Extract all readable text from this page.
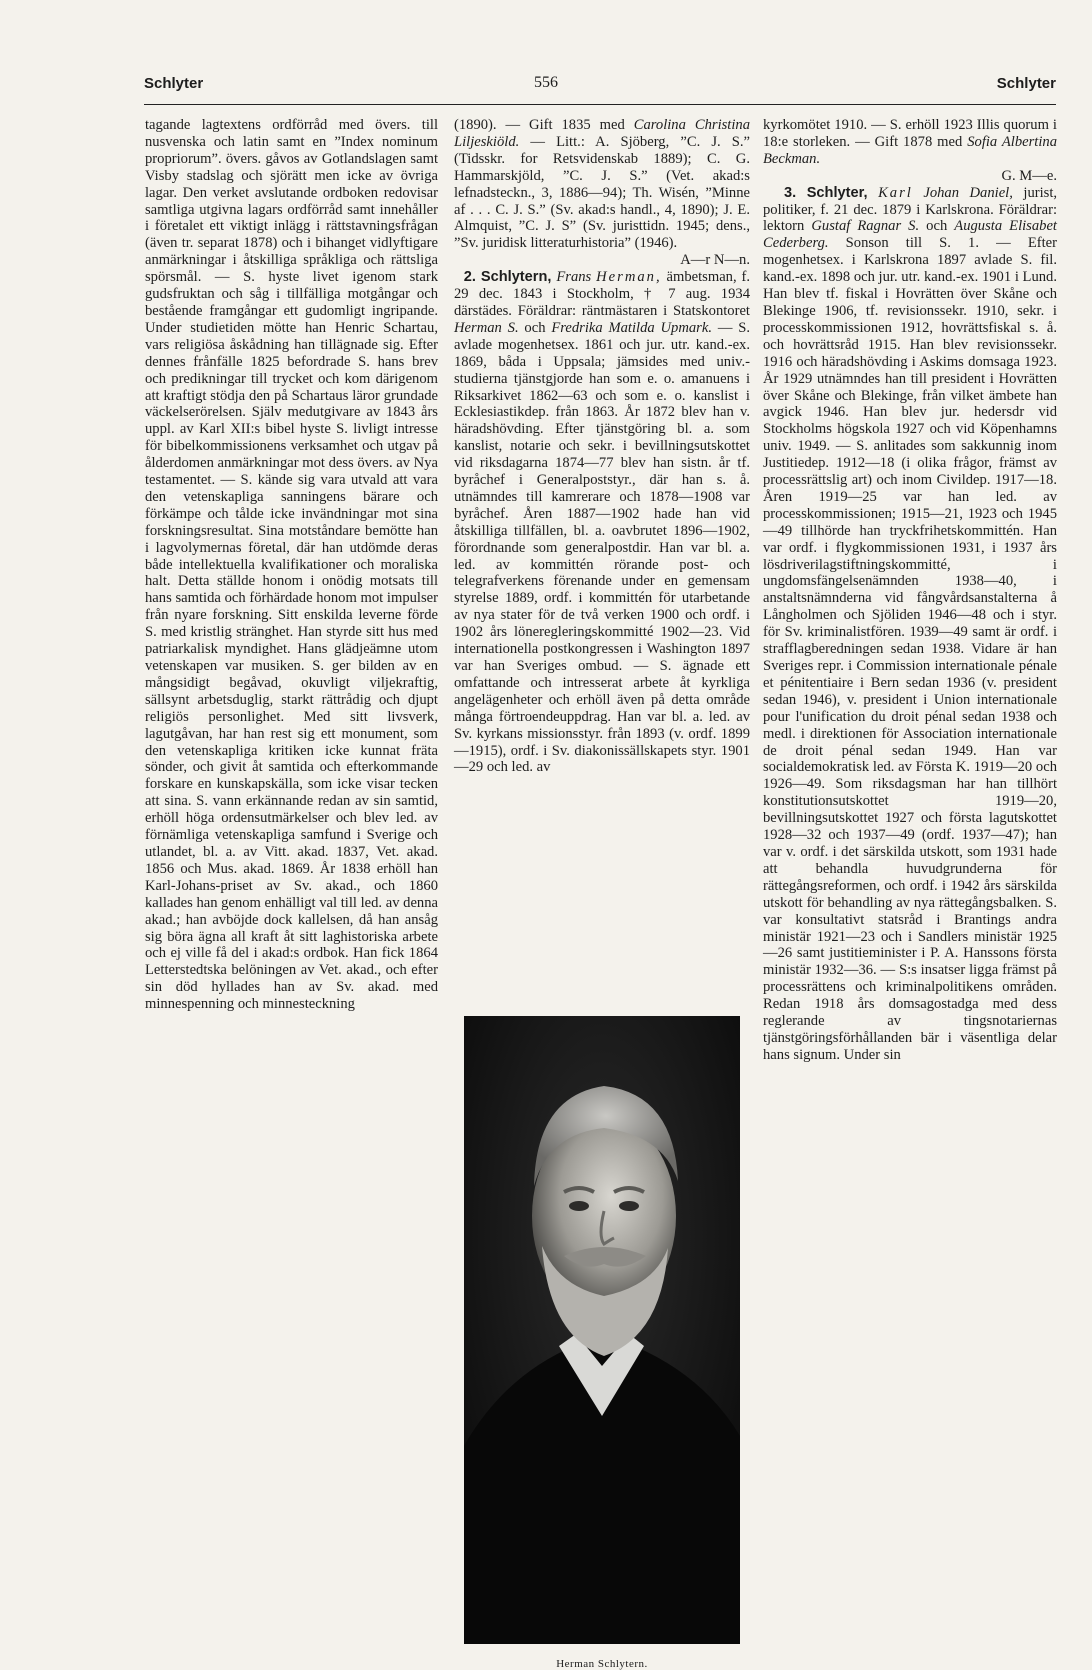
Schlyter	556	Schlyter

tagande lagtextens ordförråd med övers. till nusvenska och latin samt en ”Index nominum propriorum”. övers. gåvos av Gotlandslagen samt Visby stadslag och sjörätt men icke av övriga lagar. Den verket avslutande ordboken redovisar samtliga utgivna lagars ordförråd samt innehåller i företalet ett viktigt inlägg i rättstavningsfrågan (även tr. separat 1878) och i bihanget vidlyftigare anmärkningar i åtskilliga språkliga och rättsliga spörsmål. — S. hyste livet igenom stark gudsfruktan och såg i tillfälliga motgångar och bestående framgångar ett gudomligt ingripande. Under studietiden mötte han Henric Schartau, vars religiösa åskådning han tillägnade sig. Efter dennes frånfälle 1825 befordrade S. hans brev och predikningar till trycket och kom därigenom att kraftigt stödja den på Schartaus läror grundade väckelserörelsen. Själv medutgivare av 1843 års uppl. av Karl XII:s bibel hyste S. livligt intresse för bibelkommissionens verksamhet och utgav på ålderdomen anmärkningar mot dess övers. av Nya testamentet. — S. kände sig vara utvald att vara den vetenskapliga sanningens bärare och förkämpe och tålde icke invändningar mot sina forskningsresultat. Sina motståndare bemötte han i lagvolymernas företal, där han utdömde deras både intellektuella kvalifikationer och moraliska halt. Detta ställde honom i onödig motsats till hans samtida och förhärdade honom mot impulser från nyare forskning. Sitt enskilda leverne förde S. med kristlig stränghet. Han styrde sitt hus med patriarkalisk myndighet. Hans glädjeämne utom vetenskapen var musiken. S. ger bilden av en mångsidigt begåvad, okuvligt viljekraftig, sällsynt arbetsduglig, starkt rättrådig och djupt religiös personlighet. Med sitt livsverk, lagutgåvan, har han rest sig ett monument, som den vetenskapliga kritiken icke kunnat fräta sönder, och givit åt samtida och efterkommande forskare en kunskapskälla, som icke visar tecken att sina. S. vann erkännande redan av sin samtid, erhöll höga ordensutmärkelser och blev led. av förnämliga vetenskapliga samfund i Sverige och utlandet, bl. a. av Vitt. akad. 1837, Vet. akad. 1856 och Mus. akad. 1869. År 1838 erhöll han Karl-Johans-priset av Sv. akad., och 1860 kallades han genom enhälligt val till led. av denna akad.; han avböjde dock kallelsen, då han ansåg sig böra ägna all kraft åt sitt laghistoriska arbete och ej ville få del i akad:s ordbok. Han fick 1864 Letterstedtska belöningen av Vet. akad., och efter sin död hyllades han av Sv. akad. med minnespenning och minnesteckning

(1890). — Gift 1835 med Carolina Christina Liljeskiöld. — Litt.: A. Sjöberg, ”C. J. S.” (Tidsskr. for Retsvidenskab 1889); C. G. Hammarskjöld, ”C. J. S.” (Vet. akad:s lefnadsteckn., 3, 1886—94); Th. Wisén, ”Minne af . . . C. J. S.” (Sv. akad:s handl., 4, 1890); J. E. Almquist, ”C. J. S” (Sv. juristtidn. 1945; dens., ”Sv. juridisk litteraturhistoria” (1946).

A—r N—n.

2. Schlytern, Frans Herman, ämbetsman, f. 29 dec. 1843 i Stockholm, † 7 aug. 1934 därstädes. Föräldrar: räntmästaren i Statskontoret Herman S. och Fredrika Matilda Upmark. — S. avlade mogenhetsex. 1861 och jur. utr. kand.-ex. 1869, båda i Uppsala; jämsides med univ.-studierna tjänstgjorde han som e. o. amanuens i Riksarkivet 1862—63 och som e. o. kanslist i Ecklesiastikdep. från 1863. År 1872 blev han v. häradshövding. Efter tjänstgöring bl. a. som kanslist, notarie och sekr. i bevillningsutskottet vid riksdagarna 1874—77 blev han sistn. år tf. byråchef i Generalpoststyr., där han s. å. utnämndes till kamrerare och 1878—1908 var byråchef. Åren 1887—1902 hade han vid åtskilliga tillfällen, bl. a. oavbrutet 1896—1902, förordnande som generalpostdir. Han var bl. a. led. av kommittén rörande post- och telegrafverkens förenande under en gemensam styrelse 1889, ordf. i kommittén för utarbetande av nya stater för de två verken 1900 och ordf. i 1902 års löneregleringskommitté 1902—23. Vid internationella postkongressen i Washington 1897 var han Sveriges ombud. — S. ägnade ett omfattande och intresserat arbete åt kyrkliga angelägenheter och erhöll även på detta område många förtroendeuppdrag. Han var bl. a. led. av Sv. kyrkans missionsstyr. från 1893 (v. ordf. 1899—1915), ordf. i Sv. diakonissällskapets styr. 1901—29 och led. av

Herman Schlytern.

kyrkomötet 1910. — S. erhöll 1923 Illis quorum i 18:e storleken. — Gift 1878 med Sofia Albertina Beckman.

G. M—e.

3. Schlyter, Karl Johan Daniel, jurist, politiker, f. 21 dec. 1879 i Karlskrona. Föräldrar: lektorn Gustaf Ragnar S. och Augusta Elisabet Cederberg. Sonson till S. 1. — Efter mogenhetsex. i Karlskrona 1897 avlade S. fil. kand.-ex. 1898 och jur. utr. kand.-ex. 1901 i Lund. Han blev tf. fiskal i Hovrätten över Skåne och Blekinge 1906, tf. revisionssekr. 1910, sekr. i processkommissionen 1912, hovrättsfiskal s. å. och hovrättsråd 1915. Han blev revisionssekr. 1916 och häradshövding i Askims domsaga 1923. År 1929 utnämndes han till president i Hovrätten över Skåne och Blekinge, från vilket ämbete han avgick 1946. Han blev jur. hedersdr vid Stockholms högskola 1927 och vid Köpenhamns univ. 1949. — S. anlitades som sakkunnig inom Justitiedep. 1912—18 (i olika frågor, främst av processrättslig art) och inom Civildep. 1917—18. Åren 1919—25 var han led. av processkommissionen; 1915—21, 1923 och 1945—49 tillhörde han tryckfrihetskommittén. Han var ordf. i flygkommissionen 1931, i 1937 års lösdriverilagstiftningskommitté, i ungdomsfängelsenämnden 1938—40, i anstaltsnämnderna vid fångvårdsanstalterna å Långholmen och Sjöliden 1946—48 och i styr. för Sv. kriminalistfören. 1939—49 samt är ordf. i strafflagberedningen sedan 1938. Vidare är han Sveriges repr. i Commission internationale pénale et pénitentiaire i Bern sedan 1936 (v. president sedan 1946), v. president i Union internationale pour l'unification du droit pénal sedan 1938 och medl. i direktionen för Association internationale de droit pénal sedan 1949. Han var socialdemokratisk led. av Första K. 1919—20 och 1926—49. Som riksdagsman har han tillhört konstitutionsutskottet 1919—20, bevillningsutskottet 1927 och första lagutskottet 1928—32 och 1937—49 (ordf. 1937—47); han var v. ordf. i det särskilda utskott, som 1931 hade att behandla huvudgrunderna för rättegångsreformen, och ordf. i 1942 års särskilda utskott för behandling av nya rättegångsbalken. S. var konsultativt statsråd i Brantings andra ministär 1921—23 och i Sandlers ministär 1925—26 samt justitieminister i P. A. Hanssons första ministär 1932—36. — S:s insatser ligga främst på processrättens och kriminalpolitikens områden. Redan 1918 års domsagostadga med dess reglerande av tingsnotariernas tjänstgöringsförhållanden bär i väsentliga delar hans signum. Under sin
